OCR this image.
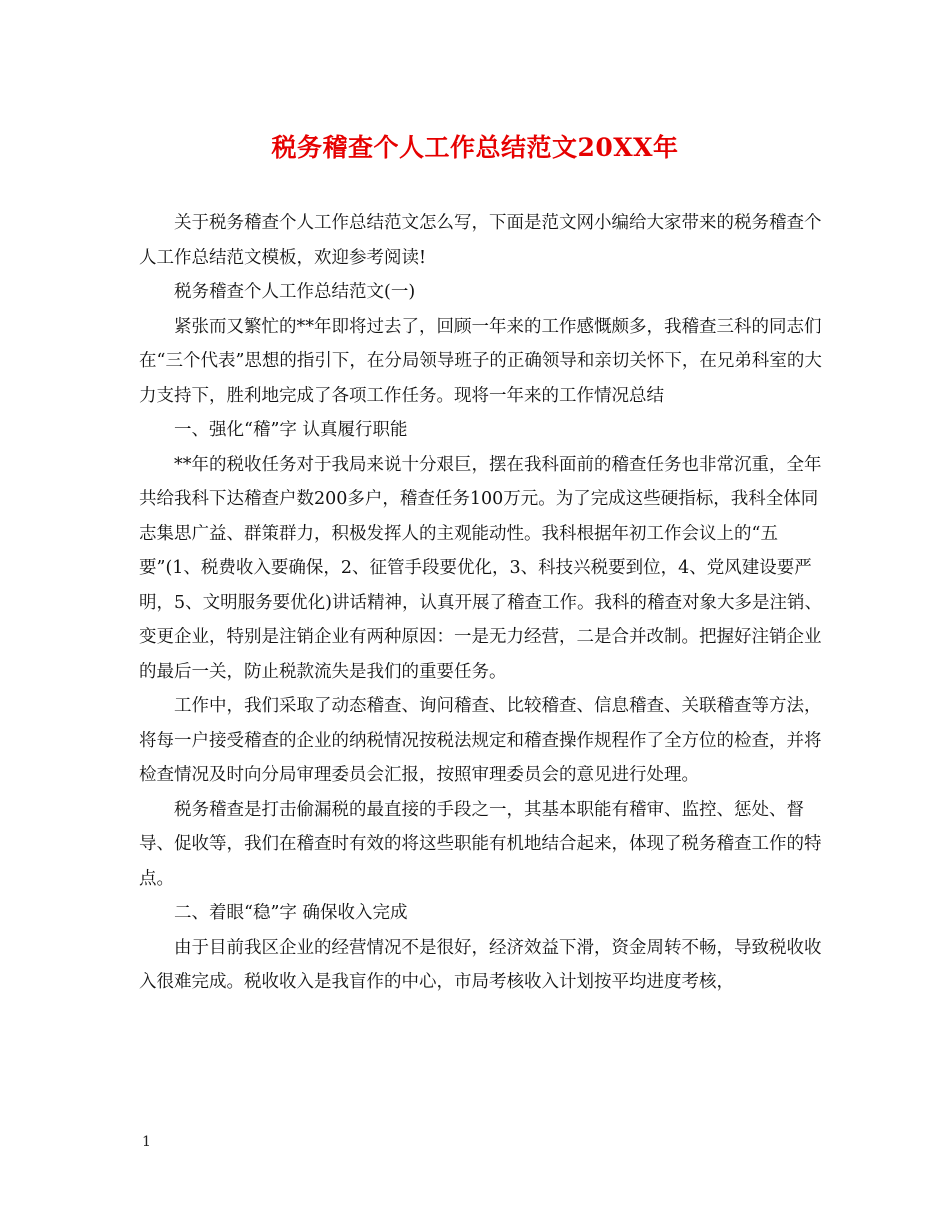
税务稽查个人工作总结范文20XX年

关于税务稽查个人工作总结范文怎么写，下面是范文网小编给大家带来的税务稽查个人工作总结范文模板，欢迎参考阅读!

税务稽查个人工作总结范文(一)

紧张而又繁忙的**年即将过去了，回顾一年来的工作感慨颇多，我稽查三科的同志们在“三个代表”思想的指引下，在分局领导班子的正确领导和亲切关怀下，在兄弟科室的大力支持下，胜利地完成了各项工作任务。现将一年来的工作情况总结

一、强化“稽”字 认真履行职能

**年的税收任务对于我局来说十分艰巨，摆在我科面前的稽查任务也非常沉重，全年共给我科下达稽查户数200多户，稽查任务100万元。为了完成这些硬指标，我科全体同志集思广益、群策群力，积极发挥人的主观能动性。我科根据年初工作会议上的“五要”(1、税费收入要确保，2、征管手段要优化，3、科技兴税要到位，4、党风建设要严明，5、文明服务要优化)讲话精神，认真开展了稽查工作。我科的稽查对象大多是注销、变更企业，特别是注销企业有两种原因：一是无力经营，二是合并改制。把握好注销企业的最后一关，防止税款流失是我们的重要任务。

工作中，我们采取了动态稽查、询问稽查、比较稽查、信息稽查、关联稽查等方法，将每一户接受稽查的企业的纳税情况按税法规定和稽查操作规程作了全方位的检查，并将检查情况及时向分局审理委员会汇报，按照审理委员会的意见进行处理。

税务稽查是打击偷漏税的最直接的手段之一，其基本职能有稽审、监控、惩处、督导、促收等，我们在稽查时有效的将这些职能有机地结合起来，体现了税务稽查工作的特点。

二、着眼“稳”字 确保收入完成

由于目前我区企业的经营情况不是很好，经济效益下滑，资金周转不畅，导致税收收入很难完成。税收收入是我盲作的中心，市局考核收入计划按平均进度考核，

1
